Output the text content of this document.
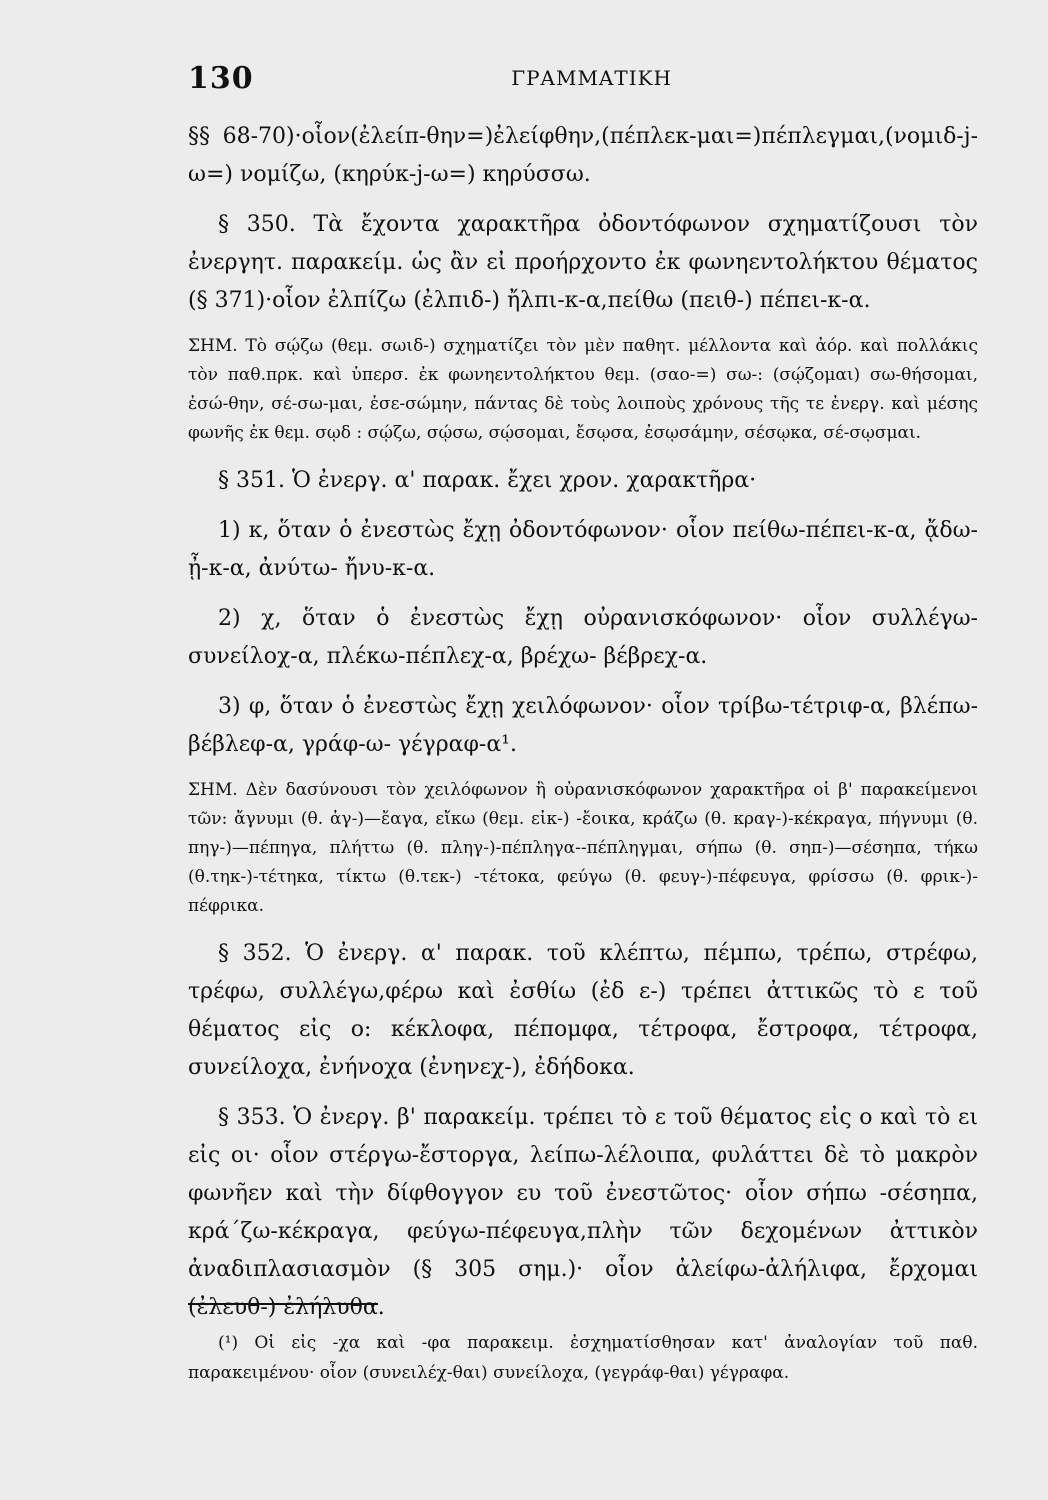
130	ΓΡΑΜΜΑΤΙΚΗ

§§ 68-70)·οἷον(ἐλείπ-θην=)ἐλείφθην,(πέπλεκ-μαι=)πέπλεγμαι,(νομιδ-j-ω=) νομίζω, (κηρύκ-j-ω=) κηρύσσω.

§ 350. Τὰ ἔχοντα χαρακτῆρα ὀδοντόφωνον σχηματίζουσι τὸν ἐνεργητ. παρακείμ. ὡς ἂν εἰ προήρχοντο ἐκ φωνηεντολήκτου θέματος (§ 371)·οἷον ἐλπίζω (ἐλπιδ-) ἤλπι-κ-α,πείθω (πειθ-) πέπει-κ-α.

ΣΗΜ. Τὸ σῴζω (θεμ. σωιδ-) σχηματίζει τὸν μὲν παθητ. μέλλοντα καὶ ἀόρ. καὶ πολλάκις τὸν παθ.πρκ. καὶ ὑπερσ. ἐκ φωνηεντολήκτου θεμ. (σαο-=) σω-: (σῴζομαι) σω-θήσομαι, ἐσώ-θην, σέ-σω-μαι, ἐσε-σώμην, πάντας δὲ τοὺς λοιποὺς χρόνους τῆς τε ἐνεργ. καὶ μέσης φωνῆς ἐκ θεμ. σῳδ : σῴζω, σῴσω, σῴσομαι, ἔσῳσα, ἐσῳσάμην, σέσῳκα, σέ-σῳσμαι.

§ 351. Ὁ ἐνεργ. α' παρακ. ἔχει χρον. χαρακτῆρα·

1) κ, ὅταν ὁ ἐνεστὼς ἔχῃ ὀδοντόφωνον· οἷον πείθω-πέπει-κ-α, ᾄδω- ᾖ-κ-α, ἀνύτω- ἤνυ-κ-α.

2) χ, ὅταν ὁ ἐνεστὼς ἔχῃ οὐρανισκόφωνον· οἷον συλλέγω-συνείλοχ-α, πλέκω-πέπλεχ-α, βρέχω- βέβρεχ-α.

3) φ, ὅταν ὁ ἐνεστὼς ἔχῃ χειλόφωνον· οἷον τρίβω-τέτριφ-α, βλέπω- βέβλεφ-α, γράφ-ω- γέγραφ-α¹.

ΣΗΜ. Δὲν δασύνουσι τὸν χειλόφωνον ἢ οὐρανισκόφωνον χαρακτῆρα οἱ β' παρακείμενοι τῶν: ἄγνυμι (θ. ἀγ-)—ἔαγα, εἴκω (θεμ. εἰκ-) -ἔοικα, κράζω (θ. κραγ-)-κέκραγα, πήγνυμι (θ. πηγ-)—πέπηγα, πλήττω (θ. πληγ-)-πέπληγα--πέπληγμαι, σήπω (θ. σηπ-)—σέσηπα, τήκω (θ.τηκ-)-τέτηκα, τίκτω (θ.τεκ-) -τέτοκα, φεύγω (θ. φευγ-)-πέφευγα, φρίσσω (θ. φρικ-)-πέφρικα.

§ 352. Ὁ ἐνεργ. α' παρακ. τοῦ κλέπτω, πέμπω, τρέπω, στρέφω, τρέφω, συλλέγω,φέρω καὶ ἐσθίω (ἐδ ε-) τρέπει ἀττικῶς τὸ ε τοῦ θέματος εἰς ο: κέκλοφα, πέπομφα, τέτροφα, ἔστροφα, τέτροφα, συνείλοχα, ἐνήνοχα (ἐνηνεχ-), ἐδήδοκα.

§ 353. Ὁ ἐνεργ. β' παρακείμ. τρέπει τὸ ε τοῦ θέματος εἰς ο καὶ τὸ ει εἰς οι· οἷον στέργω-ἔστοργα, λείπω-λέλοιπα, φυλάττει δὲ τὸ μακρὸν φωνῆεν καὶ τὴν δίφθογγον ευ τοῦ ἐνεστῶτος· οἷον σήπω -σέσηπα, κρά΄ζω-κέκραγα, φεύγω-πέφευγα,πλὴν τῶν δεχομένων ἀττικὸν ἀναδιπλασιασμὸν (§ 305 σημ.)· οἷον ἀλείφω-ἀλήλιφα, ἔρχομαι (ἐλευθ-) ἐλήλυθα.

(¹) Οἱ εἰς -χα καὶ -φα παρακειμ. ἐσχηματίσθησαν κατ' ἀναλογίαν τοῦ παθ. παρακειμένου· οἷον (συνειλέχ-θαι) συνείλοχα, (γεγράφ-θαι) γέγραφα.
